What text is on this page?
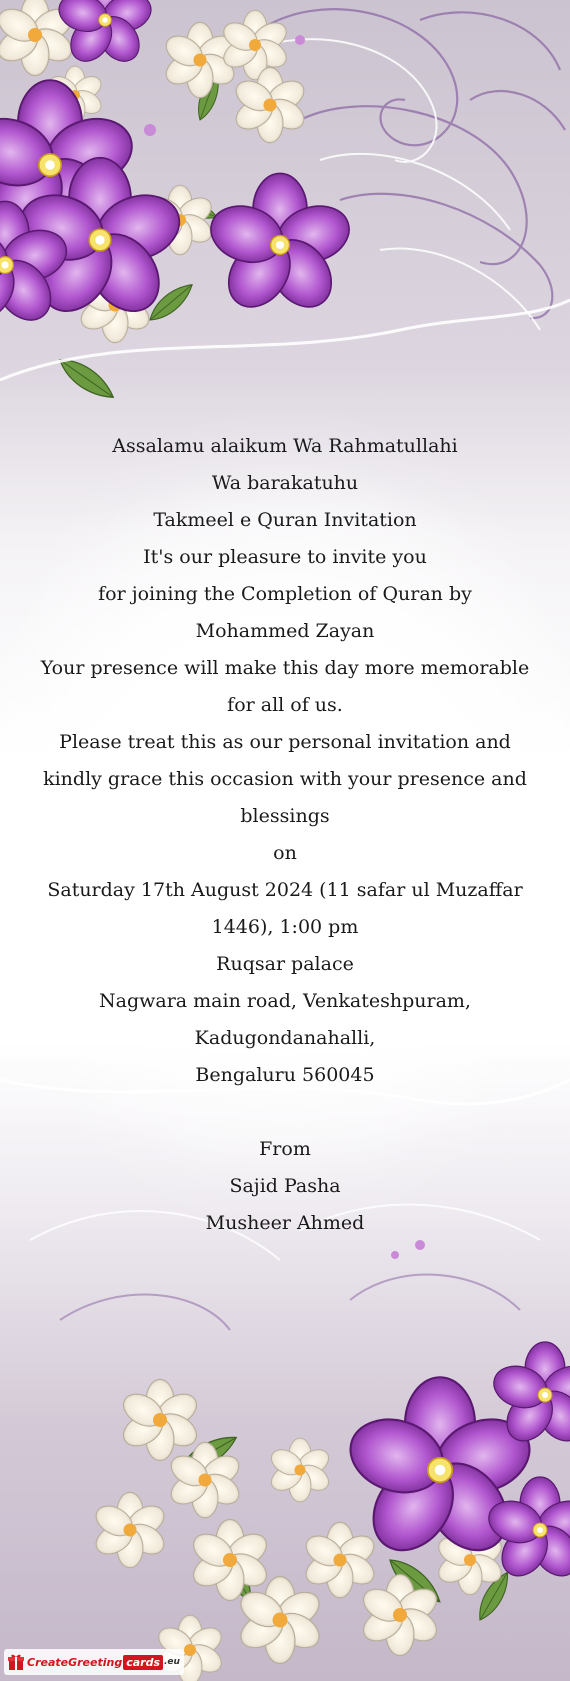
Assalamu alaikum Wa Rahmatullahi
Wa barakatuhu
Takmeel e Quran Invitation
It's our pleasure to invite you
for joining the Completion of Quran by
Mohammed Zayan
Your presence will make this day more memorable
for all of us.
Please treat this as our personal invitation and
kindly grace this occasion with your presence and
blessings
on
Saturday 17th August 2024 (11 safar ul Muzaffar
1446), 1:00 pm
Ruqsar palace
Nagwara main road, Venkateshpuram,
Kadugondanahalli,
Bengaluru 560045
From
Sajid Pasha
Musheer Ahmed
CreateGreeting cards .eu
